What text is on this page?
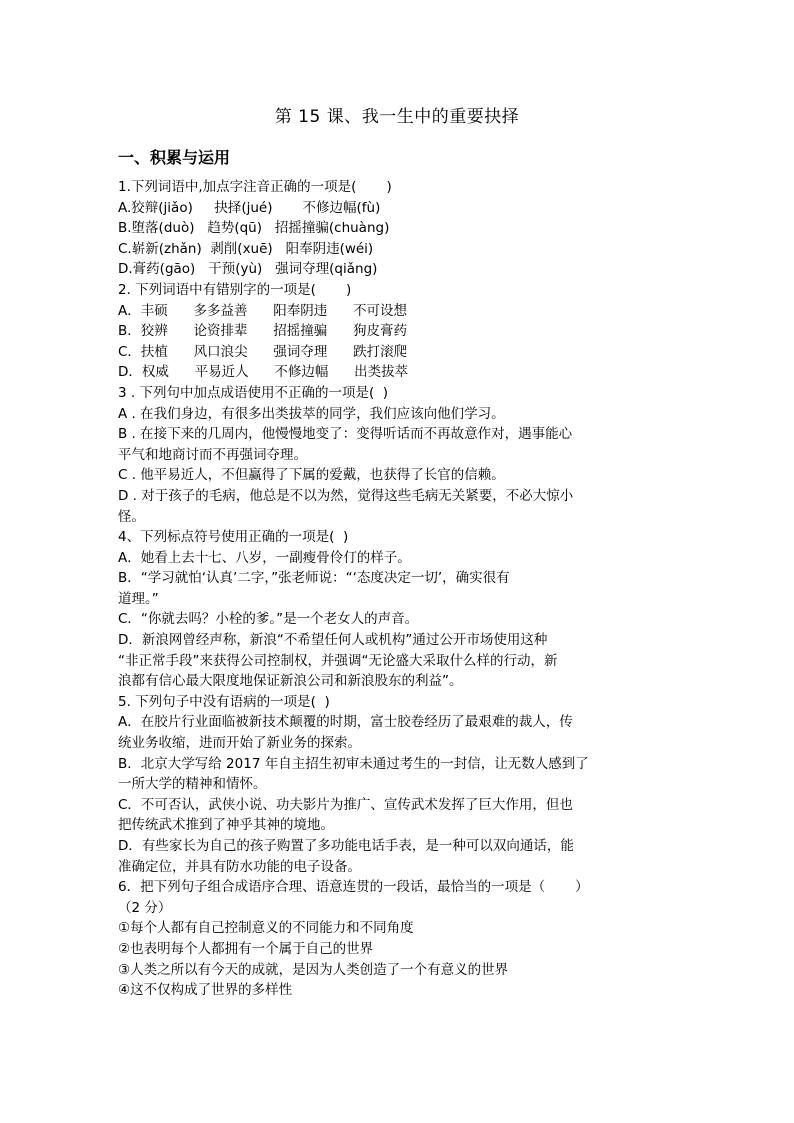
第 15 课、我一生中的重要抉择
一、积累与运用
1.下列词语中,加点字注音正确的一项是(       )
A.狡辩(jiǎo)     抉择(jué)       不修边幅(fù)
B.堕落(duò)   趋势(qū)   招摇撞骗(chuàng)
C.崭新(zhǎn)  剥削(xuē)   阳奉阴违(wéi)
D.膏药(gāo)   干预(yù)   强词夺理(qiǎng)
2. 下列词语中有错别字的一项是(       )
A．丰硕      多多益善      阳奉阴违      不可设想
B．狡辨      论资排辈      招摇撞骗      狗皮膏药
C．扶植      风口浪尖      强词夺理      跌打滚爬
D．权威      平易近人      不修边幅      出类拔萃
3 . 下列句中加点成语使用不正确的一项是(  )
A . 在我们身边，有很多出类拔萃的同学，我们应该向他们学习。
B . 在接下来的几周内，他慢慢地变了：变得听话而不再故意作对，遇事能心
平气和地商讨而不再强词夺理。
C . 他平易近人，不但赢得了下属的爱戴，也获得了长官的信赖。
D . 对于孩子的毛病，他总是不以为然，觉得这些毛病无关紧要，不必大惊小
怪。
4、下列标点符号使用正确的一项是(  )
A．她看上去十七、八岁，一副瘦骨伶仃的样子。
B．“学习就怕‘认真’二字，”张老师说：“‘态度决定一切’，确实很有
道理。”
C．“你就去吗？小栓的爹。”是一个老女人的声音。
D．新浪网曾经声称，新浪“不希望任何人或机构”通过公开市场使用这种
“非正常手段”来获得公司控制权，并强调“无论盛大采取什么样的行动，新
浪都有信心最大限度地保证新浪公司和新浪股东的利益”。
5. 下列句子中没有语病的一项是(  )
A．在胶片行业面临被新技术颠覆的时期，富士胶卷经历了最艰难的裁人，传
统业务收缩，进而开始了新业务的探索。
B．北京大学写给 2017 年自主招生初审未通过考生的一封信，让无数人感到了
一所大学的精神和情怀。
C．不可否认，武侠小说、功夫影片为推广、宣传武术发挥了巨大作用，但也
把传统武术推到了神乎其神的境地。
D．有些家长为自己的孩子购置了多功能电话手表，是一种可以双向通话，能
准确定位，并具有防水功能的电子设备。
6．把下列句子组合成语序合理、语意连贯的一段话，最恰当的一项是（       ）
（2 分）
①每个人都有自己控制意义的不同能力和不同角度
②也表明每个人都拥有一个属于自己的世界
③人类之所以有今天的成就，是因为人类创造了一个有意义的世界
④这不仅构成了世界的多样性
